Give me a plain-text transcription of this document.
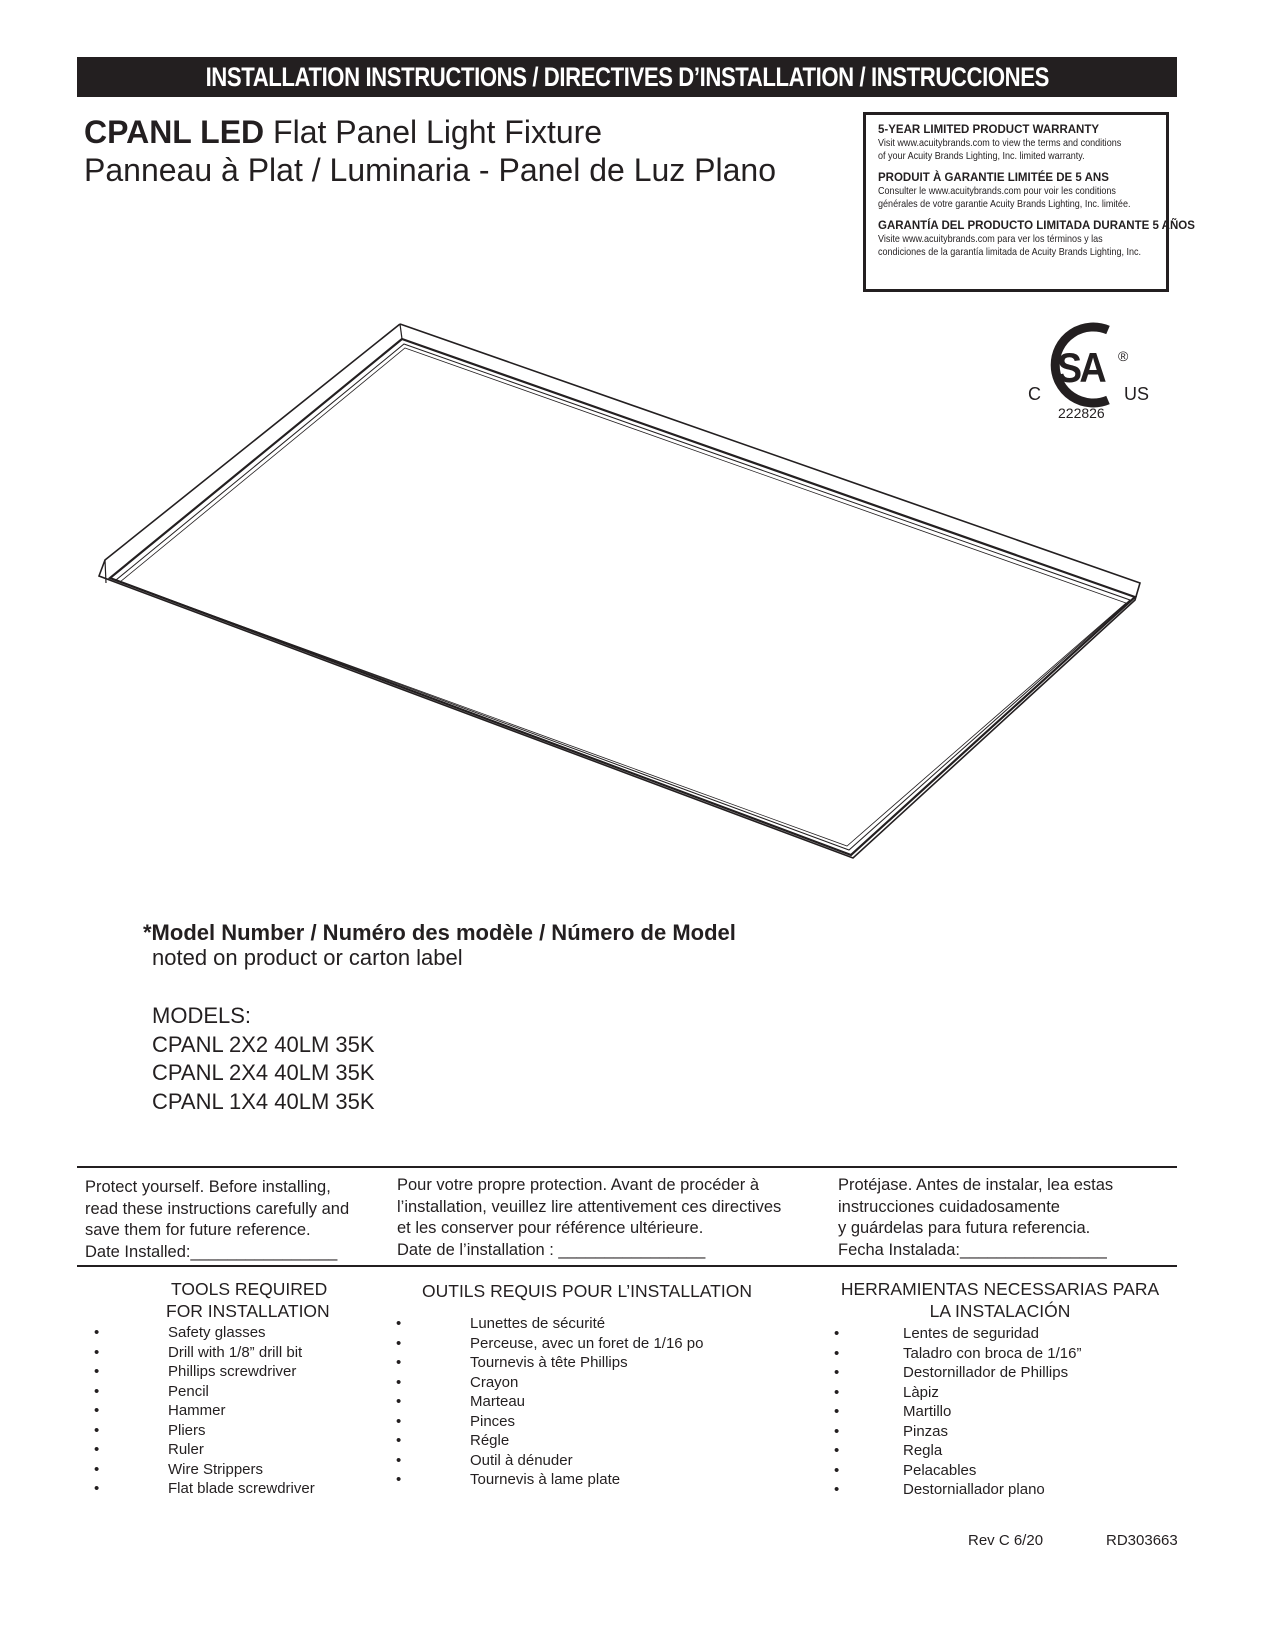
INSTALLATION INSTRUCTIONS / DIRECTIVES D’INSTALLATION / INSTRUCCIONES
CPANL LED Flat Panel Light Fixture
Panneau à Plat / Luminaria - Panel de Luz Plano
5-YEAR LIMITED PRODUCT WARRANTY
Visit www.acuitybrands.com to view the terms and conditions
of your Acuity Brands Lighting, Inc. limited warranty.
PRODUIT À GARANTIE LIMITÉE DE 5 ANS
Consulter le www.acuitybrands.com pour voir les conditions
générales de votre garantie Acuity Brands Lighting, Inc. limitée.
GARANTÍA DEL PRODUCTO LIMITADA DURANTE 5 AÑOS
Visite www.acuitybrands.com para ver los términos y las
condiciones de la garantía limitada de Acuity Brands Lighting, Inc.
S
A ®
C	US
222826
*Model Number / Numéro des modèle / Número de Model
noted on product or carton label
MODELS:
CPANL 2X2 40LM 35K
CPANL 2X4 40LM 35K
CPANL 1X4 40LM 35K
Protect yourself. Before installing,
read these instructions carefully and
save them for future reference.
Date Installed:________________
Pour votre propre protection. Avant de procéder à
l’installation, veuillez lire attentivement ces directives
et les conserver pour référence ultérieure.
Date de l’installation : ________________
Protéjase. Antes de instalar, lea estas
instrucciones cuidadosamente
y guárdelas para futura referencia.
Fecha Instalada:________________
TOOLS REQUIRED
FOR INSTALLATION
•	Safety glasses
•	Drill with 1/8” drill bit
•	Phillips screwdriver
•	Pencil
•	Hammer
•	Pliers
•	Ruler
•	Wire Strippers
•	Flat blade screwdriver
OUTILS REQUIS POUR L’INSTALLATION
•	Lunettes de sécurité
•	Perceuse, avec un foret de 1/16 po
•	Tournevis à tête Phillips
•	Crayon
•	Marteau
•	Pinces
•	Régle
•	Outil à dénuder
•	Tournevis à lame plate
HERRAMIENTAS NECESSARIAS PARA
LA INSTALACIÓN
•	Lentes de seguridad
•	Taladro con broca de 1/16”
•	Destornillador de Phillips
•	Làpiz
•	Martillo
•	Pinzas
•	Regla
•	Pelacables
•	Destorniallador plano
Rev C 6/20	RD303663
